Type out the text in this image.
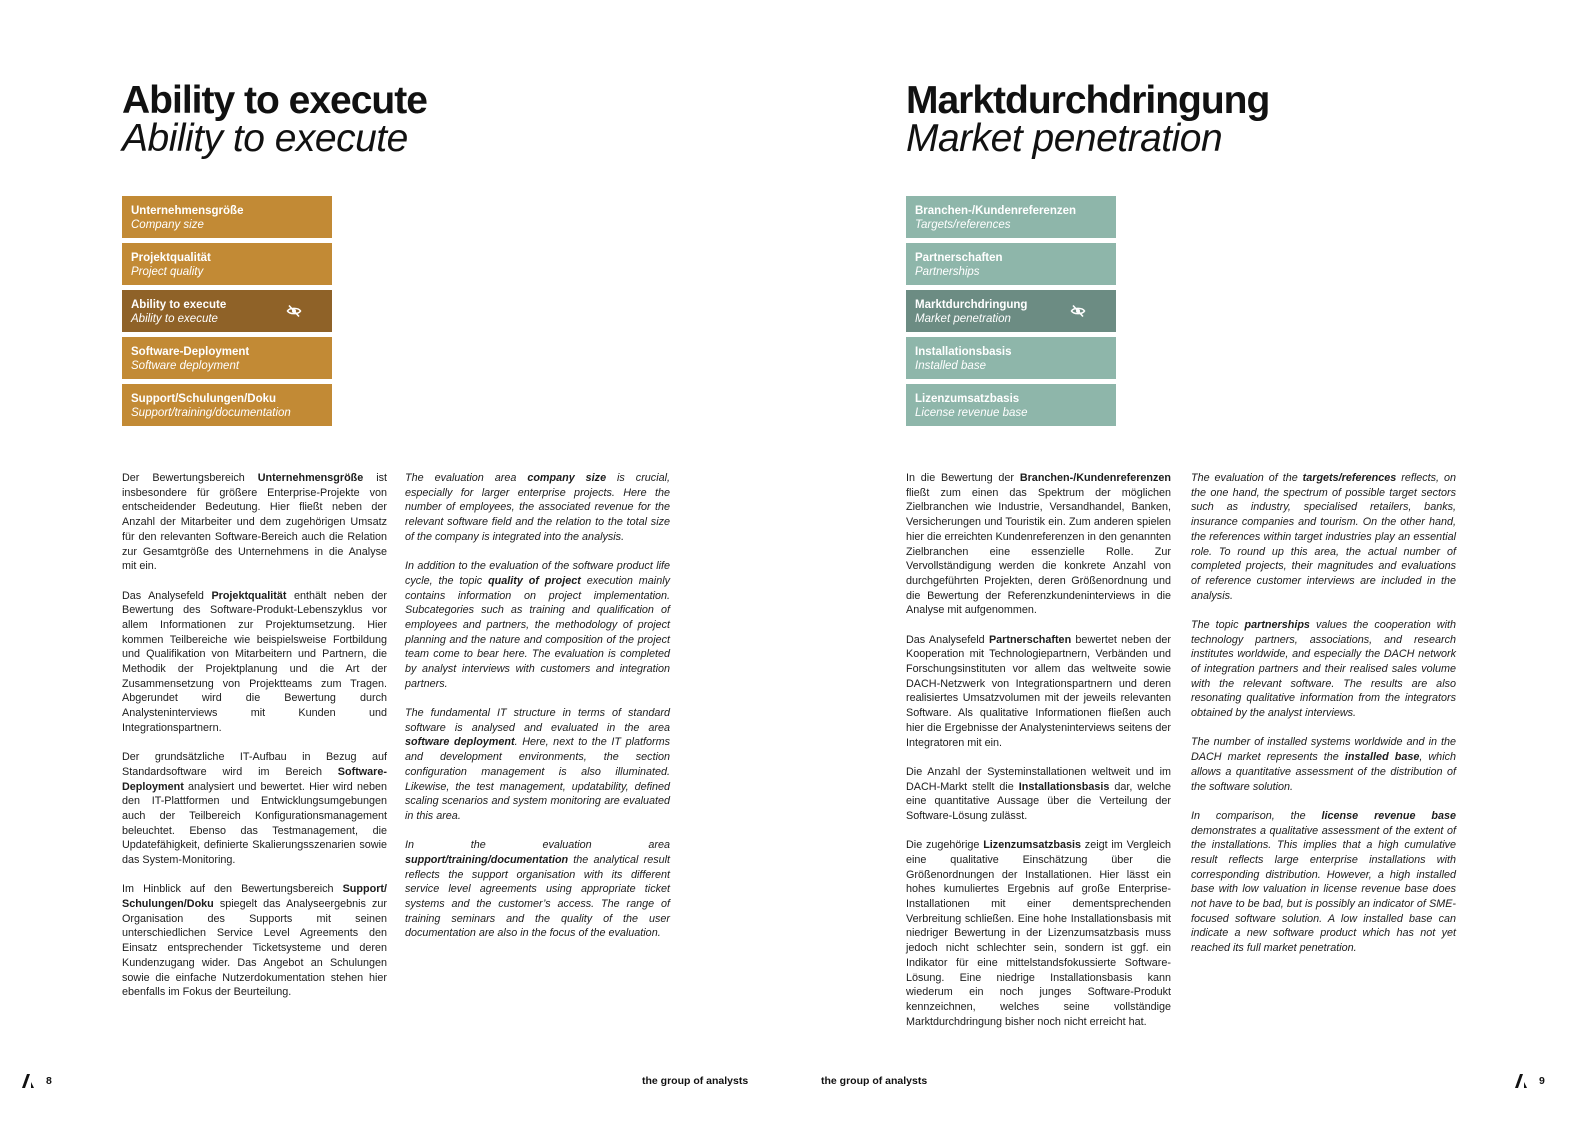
Ability to execute
Ability to execute
Unternehmensgröße
Company size
Projektqualität
Project quality
Ability to execute
Ability to execute
Software-Deployment
Software deployment
Support/Schulungen/Doku
Support/training/documentation

Der Bewertungsbereich Unternehmensgröße ist insbesondere für größere Enterprise-Projekte von entscheidender Bedeutung. Hier fließt neben der Anzahl der Mitarbeiter und dem zugehörigen Umsatz für den relevanten Software-Bereich auch die Relation zur Gesamtgröße des Unternehmens in die Analyse mit ein.

Das Analysefeld Projektqualität enthält neben der Bewertung des Software-Produkt-Lebenszyklus vor allem Informationen zur Projektumsetzung. Hier kommen Teilbereiche wie beispielsweise Fortbildung und Qualifikation von Mitarbeitern und Partnern, die Methodik der Projektplanung und die Art der Zusammensetzung von Projektteams zum Tragen. Abgerundet wird die Bewertung durch Analysteninterviews mit Kunden und Integrationspartnern.

Der grundsätzliche IT-Aufbau in Bezug auf Standardsoftware wird im Bereich Software-Deployment analysiert und bewertet. Hier wird neben den IT-Plattformen und Entwicklungsumgebungen auch der Teilbereich Konfigurationsmanagement beleuchtet. Ebenso das Testmanagement, die Updatefähigkeit, definierte Skalierungsszenarien sowie das System-Monitoring.

Im Hinblick auf den Bewertungsbereich Support/ Schulungen/Doku spiegelt das Analyseergebnis zur Organisation des Supports mit seinen unterschiedlichen Service Level Agreements den Einsatz entsprechender Ticketsysteme und deren Kundenzugang wider. Das Angebot an Schulungen sowie die einfache Nutzerdokumentation stehen hier ebenfalls im Fokus der Beurteilung.

The evaluation area company size is crucial, especially for larger enterprise projects. Here the number of employees, the associated revenue for the relevant software field and the relation to the total size of the company is integrated into the analysis.

In addition to the evaluation of the software product life cycle, the topic quality of project execution mainly contains information on project implementation. Subcategories such as training and qualification of employees and partners, the methodology of project planning and the nature and composition of the project team come to bear here. The evaluation is completed by analyst interviews with customers and integration partners.

The fundamental IT structure in terms of standard software is analysed and evaluated in the area software deployment. Here, next to the IT platforms and development environments, the section configuration management is also illuminated. Likewise, the test management, updatability, defined scaling scenarios and system monitoring are evaluated in this area.

In the evaluation area support/training/documentation the analytical result reflects the support organisation with its different service level agreements using appropriate ticket systems and the customer’s access. The range of training seminars and the quality of the user documentation are also in the focus of the evaluation.

8	the group of analysts
Marktdurchdringung
Market penetration
Branchen-/Kundenreferenzen
Targets/references
Partnerschaften
Partnerships
Marktdurchdringung
Market penetration
Installationsbasis
Installed base
Lizenzumsatzbasis
License revenue base

In die Bewertung der Branchen-/Kundenreferenzen fließt zum einen das Spektrum der möglichen Zielbranchen wie Industrie, Versandhandel, Banken, Versicherungen und Touristik ein. Zum anderen spielen hier die erreichten Kundenreferenzen in den genannten Zielbranchen eine essenzielle Rolle. Zur Vervollständigung werden die konkrete Anzahl von durchgeführten Projekten, deren Größenordnung und die Bewertung der Referenzkundeninterviews in die Analyse mit aufgenommen.

Das Analysefeld Partnerschaften bewertet neben der Kooperation mit Technologiepartnern, Verbänden und Forschungsinstituten vor allem das weltweite sowie DACH-Netzwerk von Integrationspartnern und deren realisiertes Umsatzvolumen mit der jeweils relevanten Software. Als qualitative Informationen fließen auch hier die Ergebnisse der Analysteninterviews seitens der Integratoren mit ein.

Die Anzahl der Systeminstallationen weltweit und im DACH-Markt stellt die Installationsbasis dar, welche eine quantitative Aussage über die Verteilung der Software-Lösung zulässt.

Die zugehörige Lizenzumsatzbasis zeigt im Vergleich eine qualitative Einschätzung über die Größenordnungen der Installationen. Hier lässt ein hohes kumuliertes Ergebnis auf große Enterprise-Installationen mit einer dementsprechenden Verbreitung schließen. Eine hohe Installationsbasis mit niedriger Bewertung in der Lizenzumsatzbasis muss jedoch nicht schlechter sein, sondern ist ggf. ein Indikator für eine mittelstandsfokussierte Software-Lösung. Eine niedrige Installationsbasis kann wiederum ein noch junges Software-Produkt kennzeichnen, welches seine vollständige Marktdurchdringung bisher noch nicht erreicht hat.

The evaluation of the targets/references reflects, on the one hand, the spectrum of possible target sectors such as industry, specialised retailers, banks, insurance companies and tourism. On the other hand, the references within target industries play an essential role. To round up this area, the actual number of completed projects, their magnitudes and evaluations of reference customer interviews are included in the analysis.

The topic partnerships values the cooperation with technology partners, associations, and research institutes worldwide, and especially the DACH network of integration partners and their realised sales volume with the relevant software. The results are also resonating qualitative information from the integrators obtained by the analyst interviews.

The number of installed systems worldwide and in the DACH market represents the installed base, which allows a quantitative assessment of the distribution of the software solution.

In comparison, the license revenue base demonstrates a qualitative assessment of the extent of the installations. This implies that a high cumulative result reflects large enterprise installations with corresponding distribution. However, a high installed base with low valuation in license revenue base does not have to be bad, but is possibly an indicator of SME-focused software solution. A low installed base can indicate a new software product which has not yet reached its full market penetration.

the group of analysts	9
